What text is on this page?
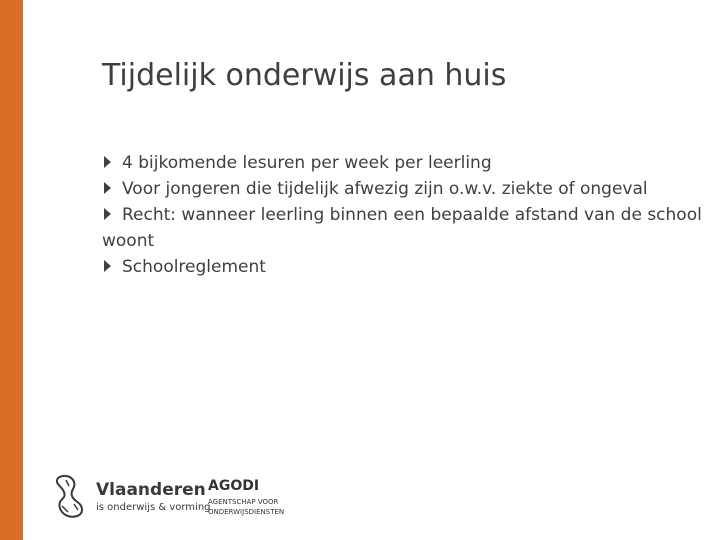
Tijdelijk onderwijs aan huis
4 bijkomende lesuren per week per leerling
Voor jongeren die tijdelijk afwezig zijn o.w.v. ziekte of ongeval
Recht: wanneer leerling binnen een bepaalde afstand van de school woont
Schoolreglement
Vlaanderen
is onderwijs & vorming
AGODI
AGENTSCHAP VOOR
ONDERWIJSDIENSTEN
